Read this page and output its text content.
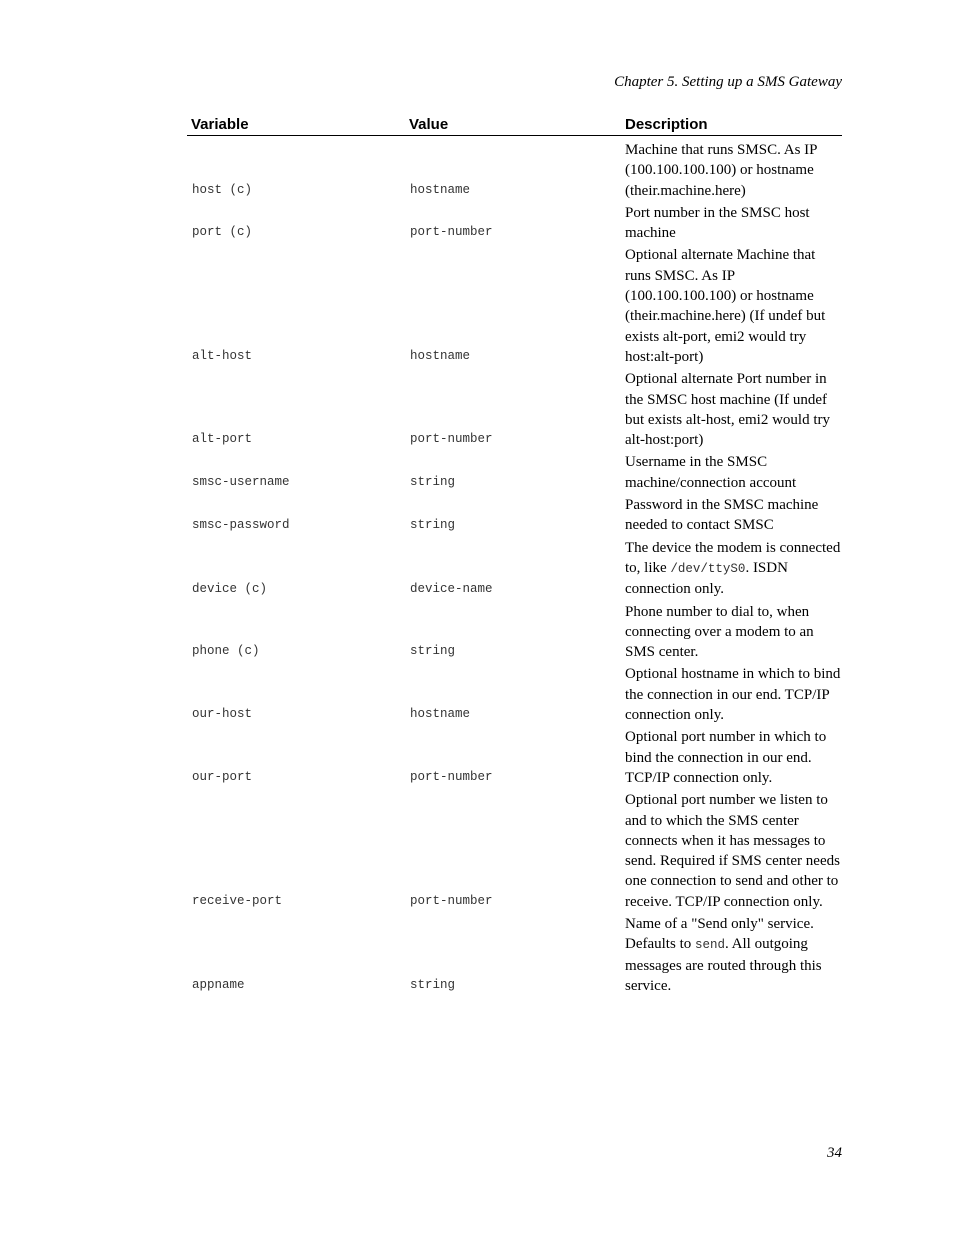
Chapter 5. Setting up a SMS Gateway
Variable	Value	Description
host (c)	hostname	Machine that runs SMSC. As IP (100.100.100.100) or hostname (their.machine.here)
port (c)	port-number	Port number in the SMSC host machine
alt-host	hostname	Optional alternate Machine that runs SMSC. As IP (100.100.100.100) or hostname (their.machine.here) (If undef but exists alt-port, emi2 would try host:alt-port)
alt-port	port-number	Optional alternate Port number in the SMSC host machine (If undef but exists alt-host, emi2 would try alt-host:port)
smsc-username	string	Username in the SMSC machine/connection account
smsc-password	string	Password in the SMSC machine needed to contact SMSC
device (c)	device-name	The device the modem is connected to, like /dev/ttyS0. ISDN connection only.
phone (c)	string	Phone number to dial to, when connecting over a modem to an SMS center.
our-host	hostname	Optional hostname in which to bind the connection in our end. TCP/IP connection only.
our-port	port-number	Optional port number in which to bind the connection in our end. TCP/IP connection only.
receive-port	port-number	Optional port number we listen to and to which the SMS center connects when it has messages to send. Required if SMS center needs one connection to send and other to receive. TCP/IP connection only.
appname	string	Name of a "Send only" service. Defaults to send. All outgoing messages are routed through this service.
34
